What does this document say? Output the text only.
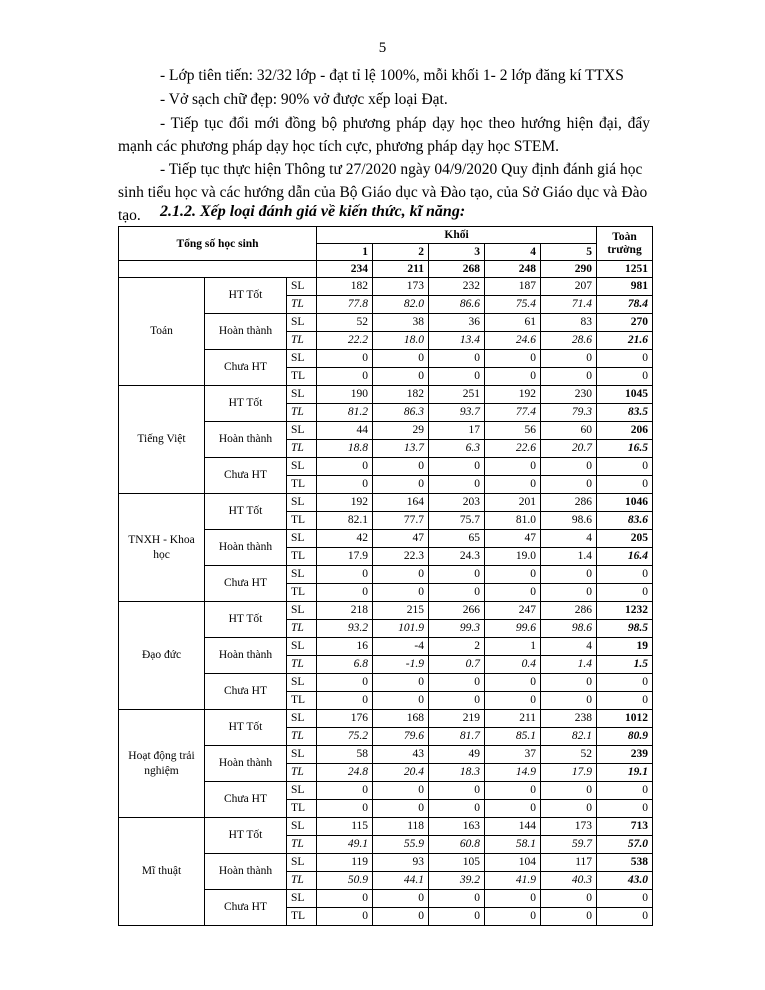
5
- Lớp tiên tiến: 32/32 lớp - đạt tỉ lệ 100%, mỗi khối 1- 2 lớp đăng kí TTXS
- Vở sạch chữ đẹp: 90% vở được xếp loại Đạt.
- Tiếp tục đổi mới đồng bộ phương pháp dạy học theo hướng hiện đại, đẩy mạnh các phương pháp dạy học tích cực, phương pháp dạy học STEM.
- Tiếp tục thực hiện Thông tư 27/2020 ngày 04/9/2020 Quy định đánh giá học sinh tiểu học và các hướng dẫn của Bộ Giáo dục và Đào tạo, của Sở Giáo dục và Đào tạo.	2.1.2. Xếp loại đánh giá về kiến thức, kĩ năng:
Tổng số học sinh			Khối					Toàn trường
			1	2	3	4	5	
			234	211	268	248	290	1251
Toán	HT Tốt	SL	182	173	232	187	207	981
		TL	77.8	82.0	86.6	75.4	71.4	78.4
	Hoàn thành	SL	52	38	36	61	83	270
		TL	22.2	18.0	13.4	24.6	28.6	21.6
	Chưa HT	SL	0	0	0	0	0	0
		TL	0	0	0	0	0	0
Tiếng Việt	HT Tốt	SL	190	182	251	192	230	1045
		TL	81.2	86.3	93.7	77.4	79.3	83.5
	Hoàn thành	SL	44	29	17	56	60	206
		TL	18.8	13.7	6.3	22.6	20.7	16.5
	Chưa HT	SL	0	0	0	0	0	0
		TL	0	0	0	0	0	0
TNXH - Khoa học	HT Tốt	SL	192	164	203	201	286	1046
		TL	82.1	77.7	75.7	81.0	98.6	83.6
	Hoàn thành	SL	42	47	65	47	4	205
		TL	17.9	22.3	24.3	19.0	1.4	16.4
	Chưa HT	SL	0	0	0	0	0	0
		TL	0	0	0	0	0	0
Đạo đức	HT Tốt	SL	218	215	266	247	286	1232
		TL	93.2	101.9	99.3	99.6	98.6	98.5
	Hoàn thành	SL	16	-4	2	1	4	19
		TL	6.8	-1.9	0.7	0.4	1.4	1.5
	Chưa HT	SL	0	0	0	0	0	0
		TL	0	0	0	0	0	0
Hoạt động trải nghiệm	HT Tốt	SL	176	168	219	211	238	1012
		TL	75.2	79.6	81.7	85.1	82.1	80.9
	Hoàn thành	SL	58	43	49	37	52	239
		TL	24.8	20.4	18.3	14.9	17.9	19.1
	Chưa HT	SL	0	0	0	0	0	0
		TL	0	0	0	0	0	0
Mĩ thuật	HT Tốt	SL	115	118	163	144	173	713
		TL	49.1	55.9	60.8	58.1	59.7	57.0
	Hoàn thành	SL	119	93	105	104	117	538
		TL	50.9	44.1	39.2	41.9	40.3	43.0
	Chưa HT	SL	0	0	0	0	0	0
		TL	0	0	0	0	0	0
